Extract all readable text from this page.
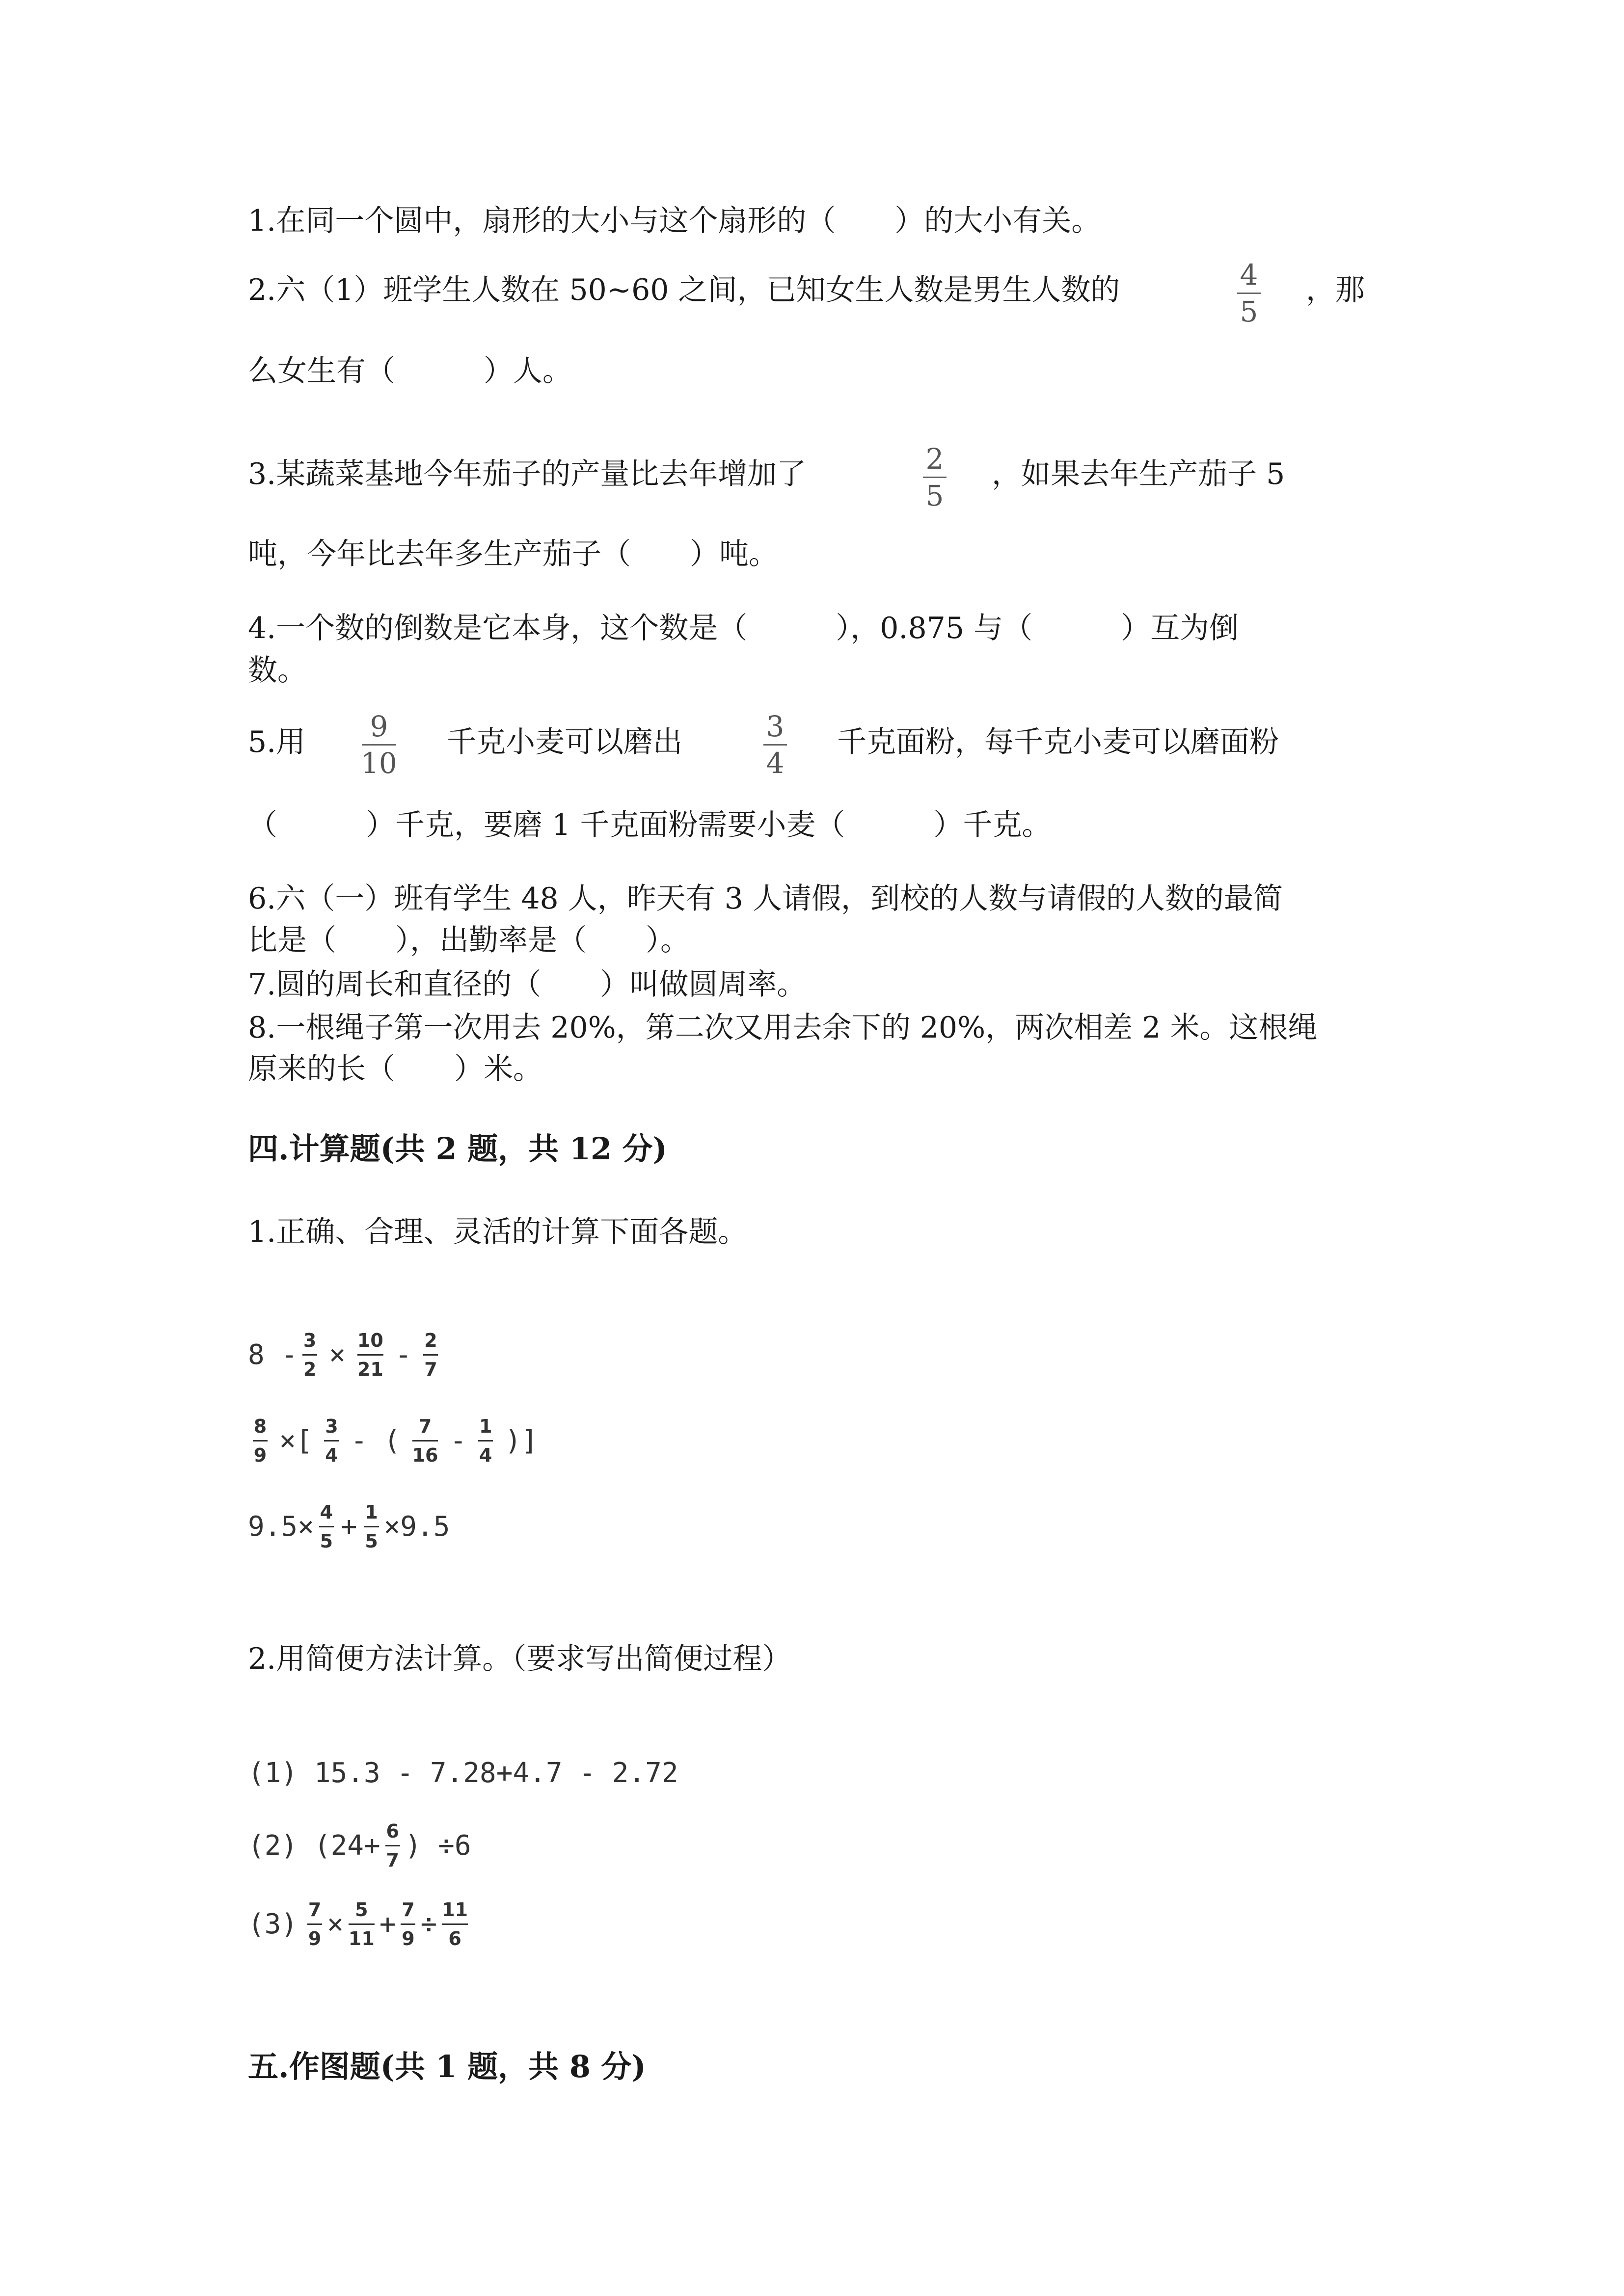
1.在同一个圆中，扇形的大小与这个扇形的（　　）的大小有关。
2.六（1）班学生人数在 50~60 之间，已知女生人数是男生人数的	4
5
，那
么女生有（　　　）人。
3.某蔬菜基地今年茄子的产量比去年增加了	2
5
，如果去年生产茄子 5
吨，今年比去年多生产茄子（　　）吨。
4.一个数的倒数是它本身，这个数是（　　　），0.875 与（　　　）互为倒
数。
5.用 9
10
千克小麦可以磨出	3
4
千克面粉，每千克小麦可以磨面粉
（　　　）千克，要磨 1 千克面粉需要小麦（　　　）千克。
6.六（一）班有学生 48 人，昨天有 3 人请假，到校的人数与请假的人数的最简
比是（　　），出勤率是（　　）。
7.圆的周长和直径的（　　）叫做圆周率。
8.一根绳子第一次用去 20%，第二次又用去余下的 20%，两次相差 2 米。这根绳
原来的长（　　）米。
四.计算题(共 2 题，共 12 分)
1.正确、合理、灵活的计算下面各题。
8 - 3
2 × 10
21 - 2
7
8
9 ×[ 3
4 - ( 7
16 - 1
4 )]
9.5× 4
5 + 1
5 ×9.5
2.用简便方法计算。（要求写出简便过程）
(1) 15.3 - 7.28+4.7 - 2.72
(2) (24+ 6
7 ) ÷6
(3) 7
9 × 5
11 + 7
9 ÷ 11
6
五.作图题(共 1 题，共 8 分)
